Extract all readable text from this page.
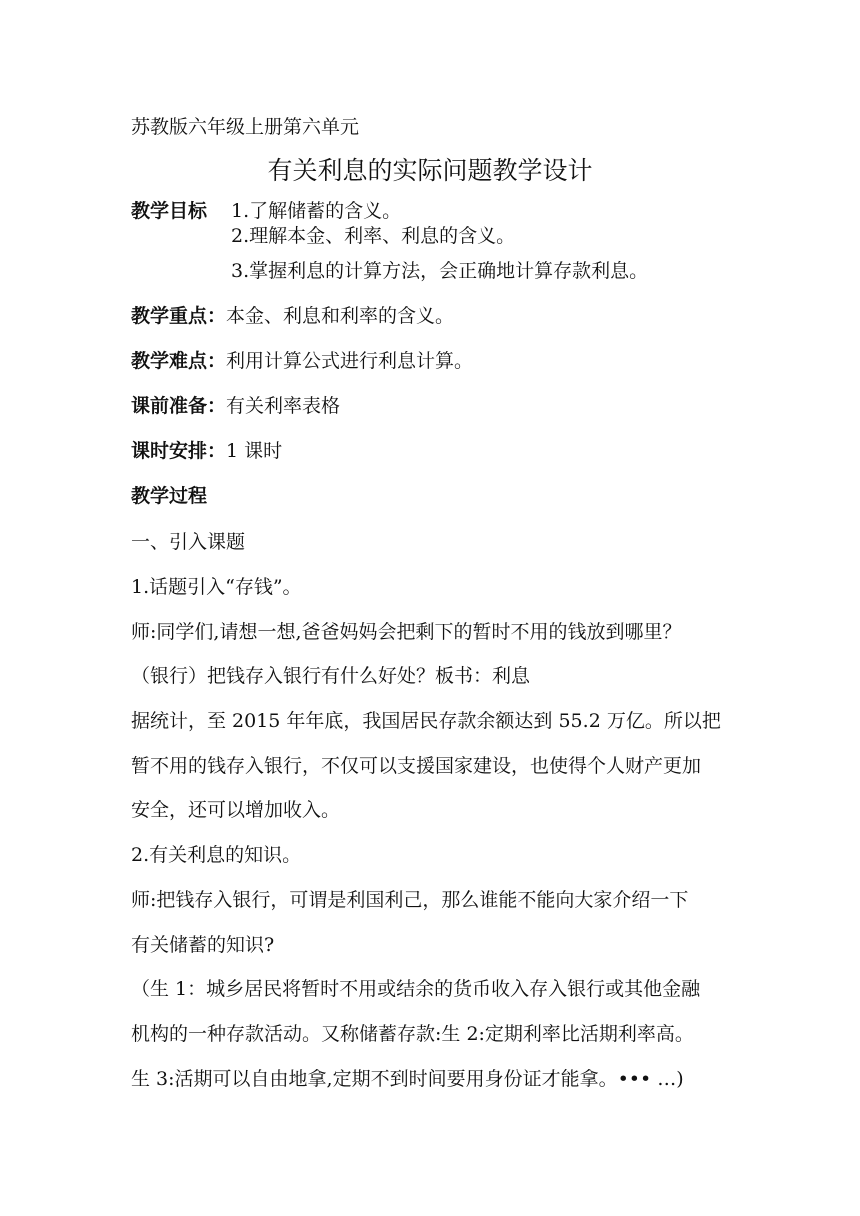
苏教版六年级上册第六单元
有关利息的实际问题教学设计
教学目标 1.了解储蓄的含义。
2.理解本金、利率、利息的含义。
3.掌握利息的计算方法，会正确地计算存款利息。
教学重点：本金、利息和利率的含义。
教学难点：利用计算公式进行利息计算。
课前准备：有关利率表格
课时安排：1 课时
教学过程
一、引入课题
1.话题引入“存钱”。
师:同学们,请想一想,爸爸妈妈会把剩下的暂时不用的钱放到哪里？
（银行）把钱存入银行有什么好处？板书：利息
据统计，至 2015 年年底，我国居民存款余额达到 55.2 万亿。所以把
暂不用的钱存入银行，不仅可以支援国家建设，也使得个人财产更加
安全，还可以增加收入。
2.有关利息的知识。
师:把钱存入银行，可谓是利国利己，那么谁能不能向大家介绍一下
有关储蓄的知识?
（生 1：城乡居民将暂时不用或结余的货币收入存入银行或其他金融
机构的一种存款活动。又称储蓄存款:生 2:定期利率比活期利率高。
生 3:活期可以自由地拿,定期不到时间要用身份证才能拿。••• …)
